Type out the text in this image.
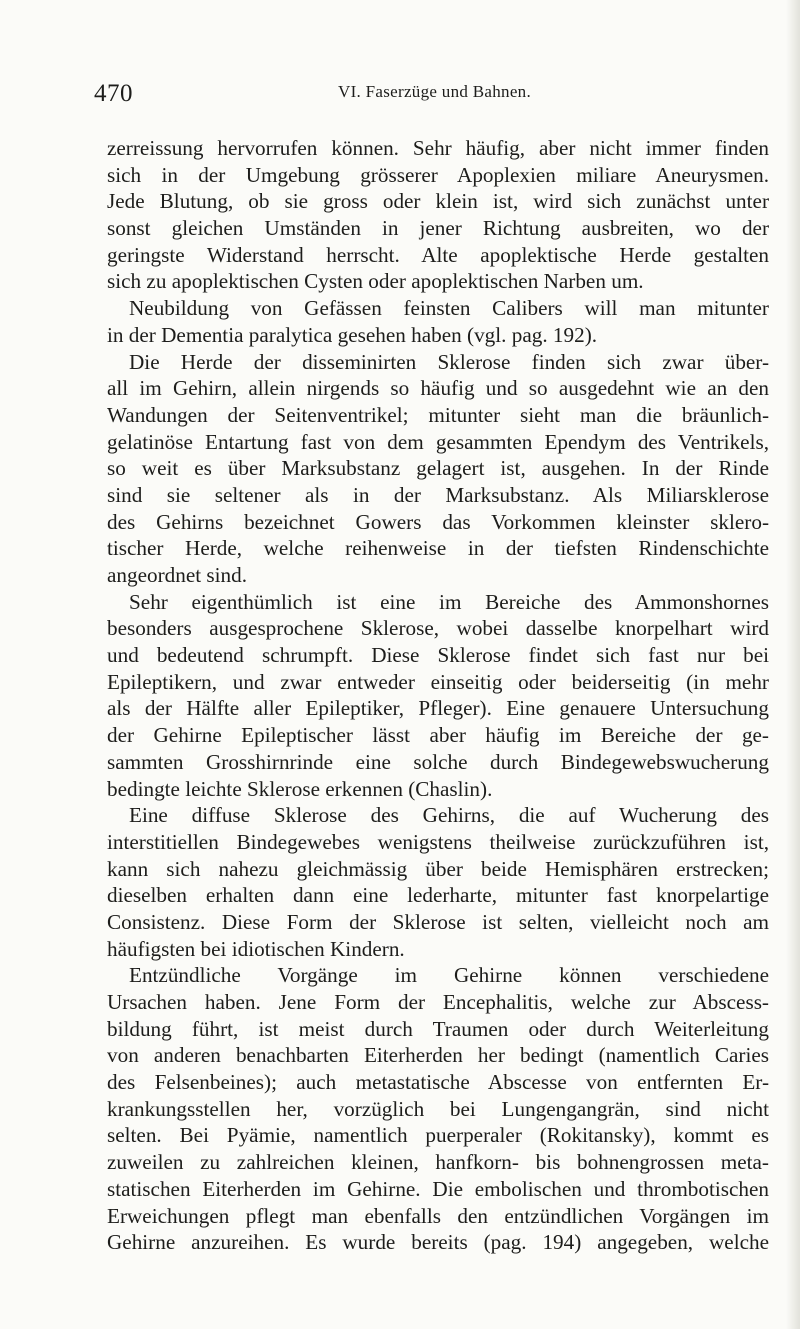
470	VI. Faserzüge und Bahnen.
zerreissung hervorrufen können. Sehr häufig, aber nicht immer finden
sich in der Umgebung grösserer Apoplexien miliare Aneurysmen.
Jede Blutung, ob sie gross oder klein ist, wird sich zunächst unter
sonst gleichen Umständen in jener Richtung ausbreiten, wo der
geringste Widerstand herrscht. Alte apoplektische Herde gestalten
sich zu apoplektischen Cysten oder apoplektischen Narben um.
Neubildung von Gefässen feinsten Calibers will man mitunter
in der Dementia paralytica gesehen haben (vgl. pag. 192).
Die Herde der disseminirten Sklerose finden sich zwar über-
all im Gehirn, allein nirgends so häufig und so ausgedehnt wie an den
Wandungen der Seitenventrikel; mitunter sieht man die bräunlich-
gelatinöse Entartung fast von dem gesammten Ependym des Ventrikels,
so weit es über Marksubstanz gelagert ist, ausgehen. In der Rinde
sind sie seltener als in der Marksubstanz. Als Miliarsklerose
des Gehirns bezeichnet Gowers das Vorkommen kleinster sklero-
tischer Herde, welche reihenweise in der tiefsten Rindenschichte
angeordnet sind.
Sehr eigenthümlich ist eine im Bereiche des Ammonshornes
besonders ausgesprochene Sklerose, wobei dasselbe knorpelhart wird
und bedeutend schrumpft. Diese Sklerose findet sich fast nur bei
Epileptikern, und zwar entweder einseitig oder beiderseitig (in mehr
als der Hälfte aller Epileptiker, Pfleger). Eine genauere Untersuchung
der Gehirne Epileptischer lässt aber häufig im Bereiche der ge-
sammten Grosshirnrinde eine solche durch Bindegewebswucherung
bedingte leichte Sklerose erkennen (Chaslin).
Eine diffuse Sklerose des Gehirns, die auf Wucherung des
interstitiellen Bindegewebes wenigstens theilweise zurückzuführen ist,
kann sich nahezu gleichmässig über beide Hemisphären erstrecken;
dieselben erhalten dann eine lederharte, mitunter fast knorpelartige
Consistenz. Diese Form der Sklerose ist selten, vielleicht noch am
häufigsten bei idiotischen Kindern.
Entzündliche Vorgänge im Gehirne können verschiedene
Ursachen haben. Jene Form der Encephalitis, welche zur Abscess-
bildung führt, ist meist durch Traumen oder durch Weiterleitung
von anderen benachbarten Eiterherden her bedingt (namentlich Caries
des Felsenbeines); auch metastatische Abscesse von entfernten Er-
krankungsstellen her, vorzüglich bei Lungengangrän, sind nicht
selten. Bei Pyämie, namentlich puerperaler (Rokitansky), kommt es
zuweilen zu zahlreichen kleinen, hanfkorn- bis bohnengrossen meta-
statischen Eiterherden im Gehirne. Die embolischen und thrombotischen
Erweichungen pflegt man ebenfalls den entzündlichen Vorgängen im
Gehirne anzureihen. Es wurde bereits (pag. 194) angegeben, welche
